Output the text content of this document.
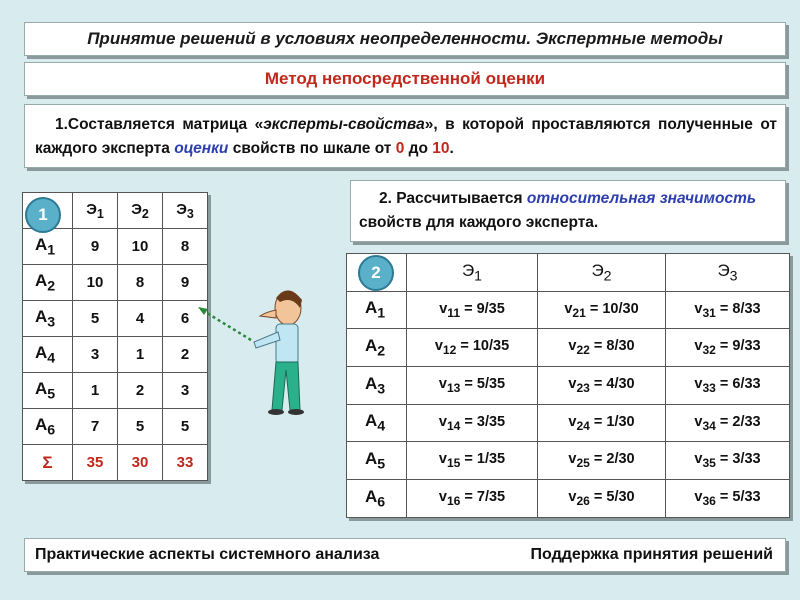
Принятие решений в условиях неопределенности. Экспертные методы
Метод непосредственной оценки
1.Составляется матрица «эксперты-свойства», в которой проставляются полученные от каждого эксперта оценки свойств по шкале от 0 до 10.
2. Рассчитывается относительная значимость свойств для каждого эксперта.
	$Э_1$	$Э_2$	$Э_3$
$А_1$	9	10	8
$А_2$	10	8	9
$А_3$	5	4	6
$А_4$	3	1	2
$А_5$	1	2	3
$А_6$	7	5	5
Σ	35	30	33
	$Э_1$	$Э_2$	$Э_3$
$А_1$	$v_{11} = 9/35$	$v_{21} = 10/30$	$v_{31} = 8/33$
$А_2$	$v_{12} = 10/35$	$v_{22} = 8/30$	$v_{32} = 9/33$
$А_3$	$v_{13} = 5/35$	$v_{23} = 4/30$	$v_{33} = 6/33$
$А_4$	$v_{14} = 3/35$	$v_{24} = 1/30$	$v_{34} = 2/33$
$А_5$	$v_{15} = 1/35$	$v_{25} = 2/30$	$v_{35} = 3/33$
$А_6$	$v_{16} = 7/35$	$v_{26} = 5/30$	$v_{36} = 5/33$
1
2
Практические аспекты системного анализа	Поддержка принятия решений
